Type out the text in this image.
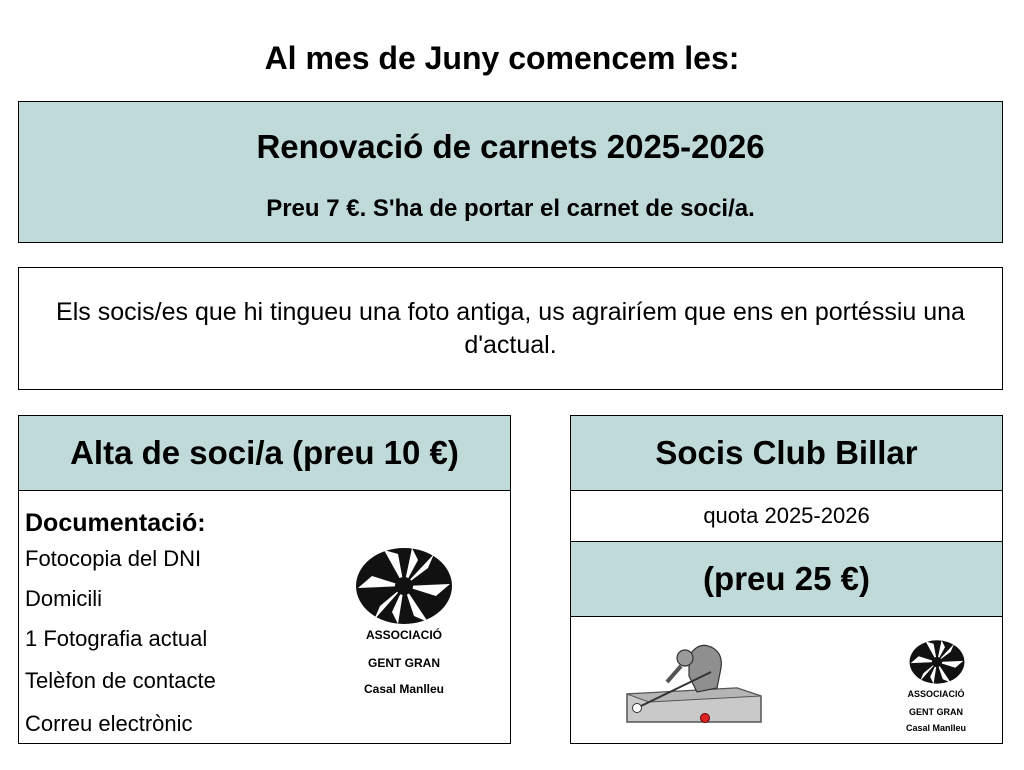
Al mes de Juny comencem les:
Renovació de carnets 2025-2026
Preu 7 €. S'ha de portar el carnet de soci/a.

Els socis/es que hi tingueu una foto antiga, us agrairíem que ens en portéssiu una d'actual.

Alta de soci/a (preu 10 €)
Documentació:
Fotocopia del DNI
Domicili
1 Fotografia actual
Telèfon de contacte
Correu electrònic
ASSOCIACIÓ
GENT GRAN
Casal Manlleu
Socis Club Billar
quota 2025-2026
(preu 25 €)
ASSOCIACIÓ
GENT GRAN
Casal Manlleu
